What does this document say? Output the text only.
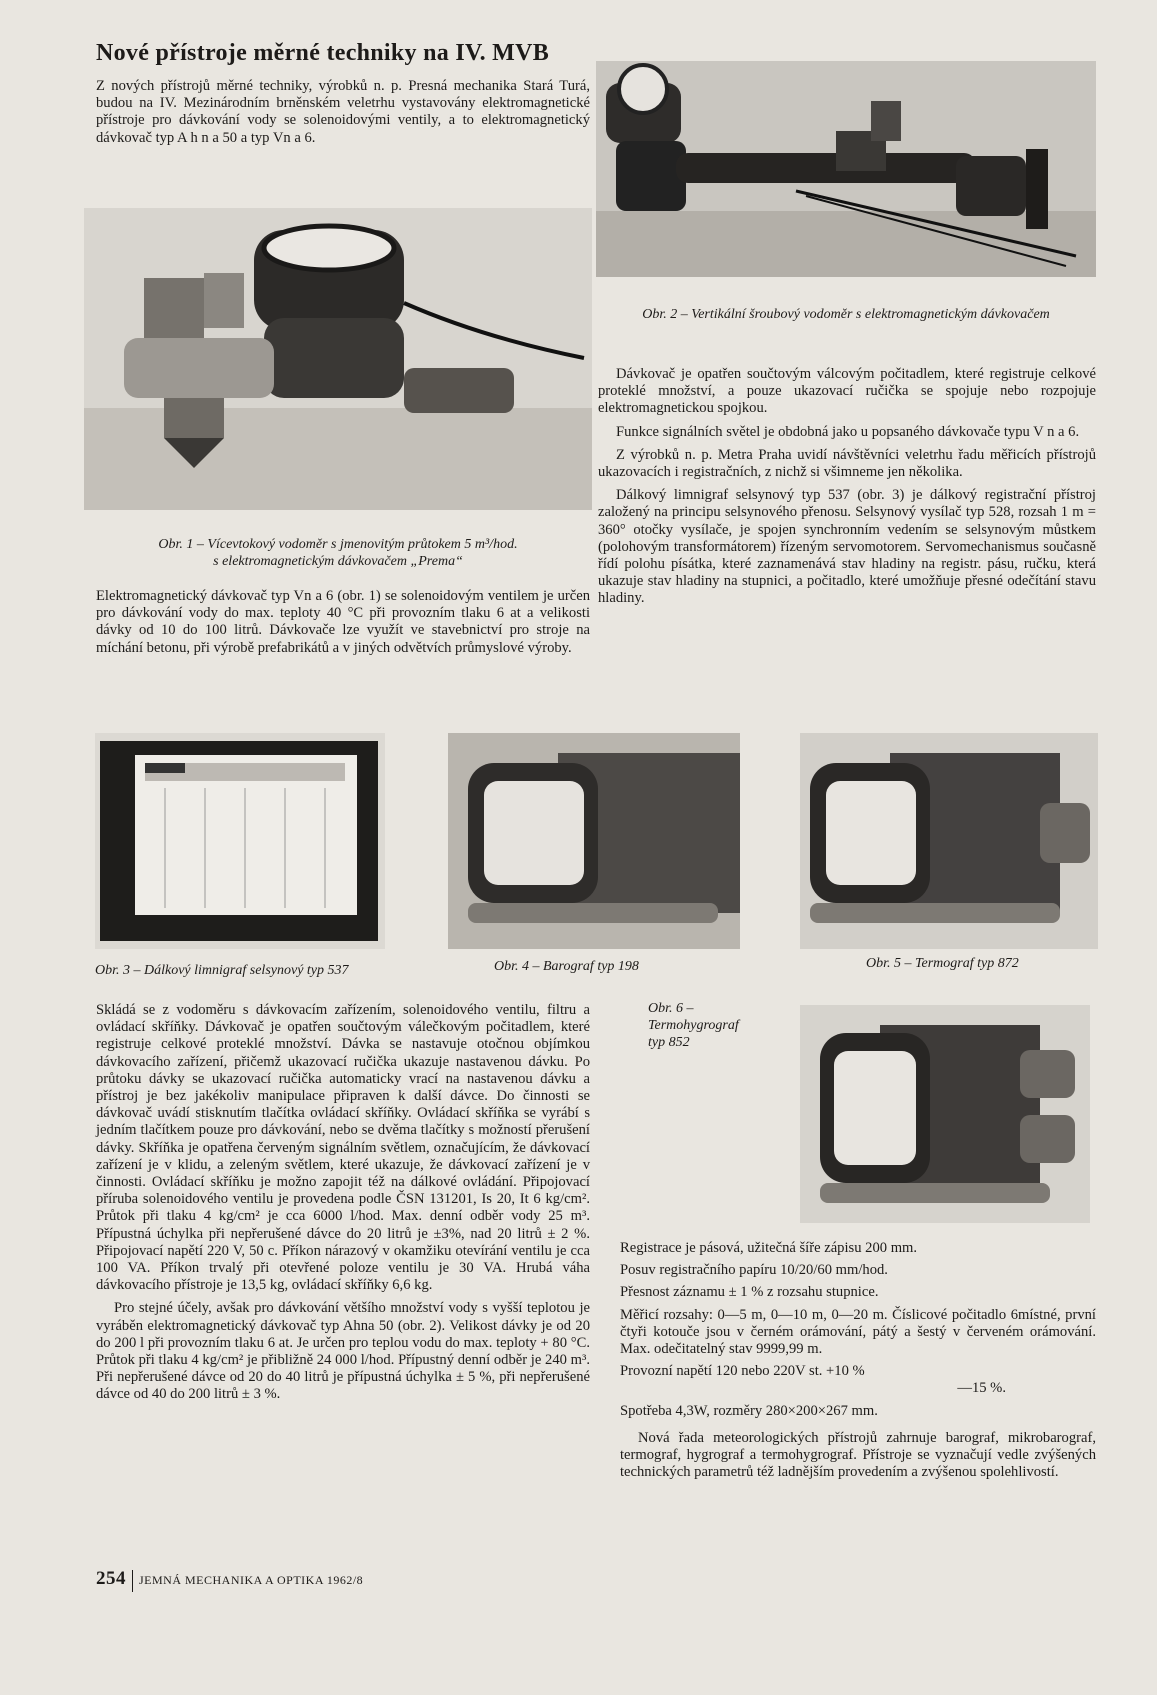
Nové přístroje měrné techniky na IV. MVB

Z nových přístrojů měrné techniky, výrobků n. p. Presná mechanika Stará Turá, budou na IV. Mezinárodním brněnském veletrhu vystavovány elektromagnetické přístroje pro dávkování vody se solenoidovými ventily, a to elektromagnetický dávkovač typ A h n a 50 a typ Vn a 6.

Obr. 2 – Vertikální šroubový vodoměr s elektromagnetickým dávkovačem
Obr. 1 – Vícevtokový vodoměr s jmenovitým průtokem 5 m³/hod.
s elektromagnetickým dávkovačem „Prema“

Elektromagnetický dávkovač typ Vn a 6 (obr. 1) se solenoidovým ventilem je určen pro dávkování vody do max. teploty 40 °C při provozním tlaku 6 at a velikosti dávky od 10 do 100 litrů. Dávkovače lze využít ve stavebnictví pro stroje na míchání betonu, při výrobě prefabrikátů a v jiných odvětvích průmyslové výroby.

Dávkovač je opatřen součtovým válcovým počitadlem, které registruje celkové proteklé množství, a pouze ukazovací ručička se spojuje nebo rozpojuje elektromagnetickou spojkou.

Funkce signálních světel je obdobná jako u popsaného dávkovače typu V n a 6.

Z výrobků n. p. Metra Praha uvidí návštěvníci veletrhu řadu měřicích přístrojů ukazovacích i registračních, z nichž si všimneme jen několika.

Dálkový limnigraf selsynový typ 537 (obr. 3) je dálkový registrační přístroj založený na principu selsynového přenosu. Selsynový vysílač typ 528, rozsah 1 m = 360° otočky vysílače, je spojen synchronním vedením se selsynovým můstkem (polohovým transformátorem) řízeným servomotorem. Servomechanismus současně řídí polohu písátka, které zaznamenává stav hladiny na registr. pásu, ručku, která ukazuje stav hladiny na stupnici, a počitadlo, které umožňuje přesné odečítání stavu hladiny.

Obr. 3 – Dálkový limnigraf selsynový typ 537	Obr. 4 – Barograf typ 198	Obr. 5 – Termograf typ 872
Obr. 6 –
Termohygrograf
typ 852

Skládá se z vodoměru s dávkovacím zařízením, solenoidového ventilu, filtru a ovládací skříňky. Dávkovač je opatřen součtovým válečkovým počitadlem, které registruje celkové proteklé množství. Dávka se nastavuje otočnou objímkou dávkovacího zařízení, přičemž ukazovací ručička ukazuje nastavenou dávku. Po průtoku dávky se ukazovací ručička automaticky vrací na nastavenou dávku a přístroj je bez jakékoliv manipulace připraven k další dávce. Do činnosti se dávkovač uvádí stisknutím tlačítka ovládací skříňky. Ovládací skříňka se vyrábí s jedním tlačítkem pouze pro dávkování, nebo se dvěma tlačítky s možností přerušení dávky. Skříňka je opatřena červeným signálním světlem, označujícím, že dávkovací zařízení je v klidu, a zeleným světlem, které ukazuje, že dávkovací zařízení je v činnosti. Ovládací skříňku je možno zapojit též na dálkové ovládání. Připojovací příruba solenoidového ventilu je provedena podle ČSN 131201, Is 20, It 6 kg/cm². Průtok při tlaku 4 kg/cm² je cca 6000 l/hod. Max. denní odběr vody 25 m³. Přípustná úchylka při nepřerušené dávce do 20 litrů je ±3%, nad 20 litrů ± 2 %. Připojovací napětí 220 V, 50 c. Příkon nárazový v okamžiku otevírání ventilu je cca 100 VA. Příkon trvalý při otevřené poloze ventilu je 30 VA. Hrubá váha dávkovacího přístroje je 13,5 kg, ovládací skříňky 6,6 kg.

Pro stejné účely, avšak pro dávkování většího množství vody s vyšší teplotou je vyráběn elektromagnetický dávkovač typ Ahna 50 (obr. 2). Velikost dávky je od 20 do 200 l při provozním tlaku 6 at. Je určen pro teplou vodu do max. teploty + 80 °C. Průtok při tlaku 4 kg/cm² je přibližně 24 000 l/hod. Přípustný denní odběr je 240 m³. Při nepřerušené dávce od 20 do 40 litrů je přípustná úchylka ± 5 %, při nepřerušené dávce od 40 do 200 litrů ± 3 %.

Registrace je pásová, užitečná šíře zápisu 200 mm.

Posuv registračního papíru 10/20/60 mm/hod.

Přesnost záznamu ± 1 % z rozsahu stupnice.

Měřicí rozsahy: 0—5 m, 0—10 m, 0—20 m. Číslicové počitadlo 6místné, první čtyři kotouče jsou v černém orámování, pátý a šestý v červeném orámování. Max. odečitatelný stav 9999,99 m.

Provozní napětí 120 nebo 220V st. +10 %

—15 %.

Spotřeba 4,3W, rozměry 280×200×267 mm.

Nová řada meteorologických přístrojů zahrnuje barograf, mikrobarograf, termograf, hygrograf a termohygrograf. Přístroje se vyznačují vedle zvýšených technických parametrů též ladnějším provedením a zvýšenou spolehlivostí.

254 JEMNÁ MECHANIKA A OPTIKA 1962/8
